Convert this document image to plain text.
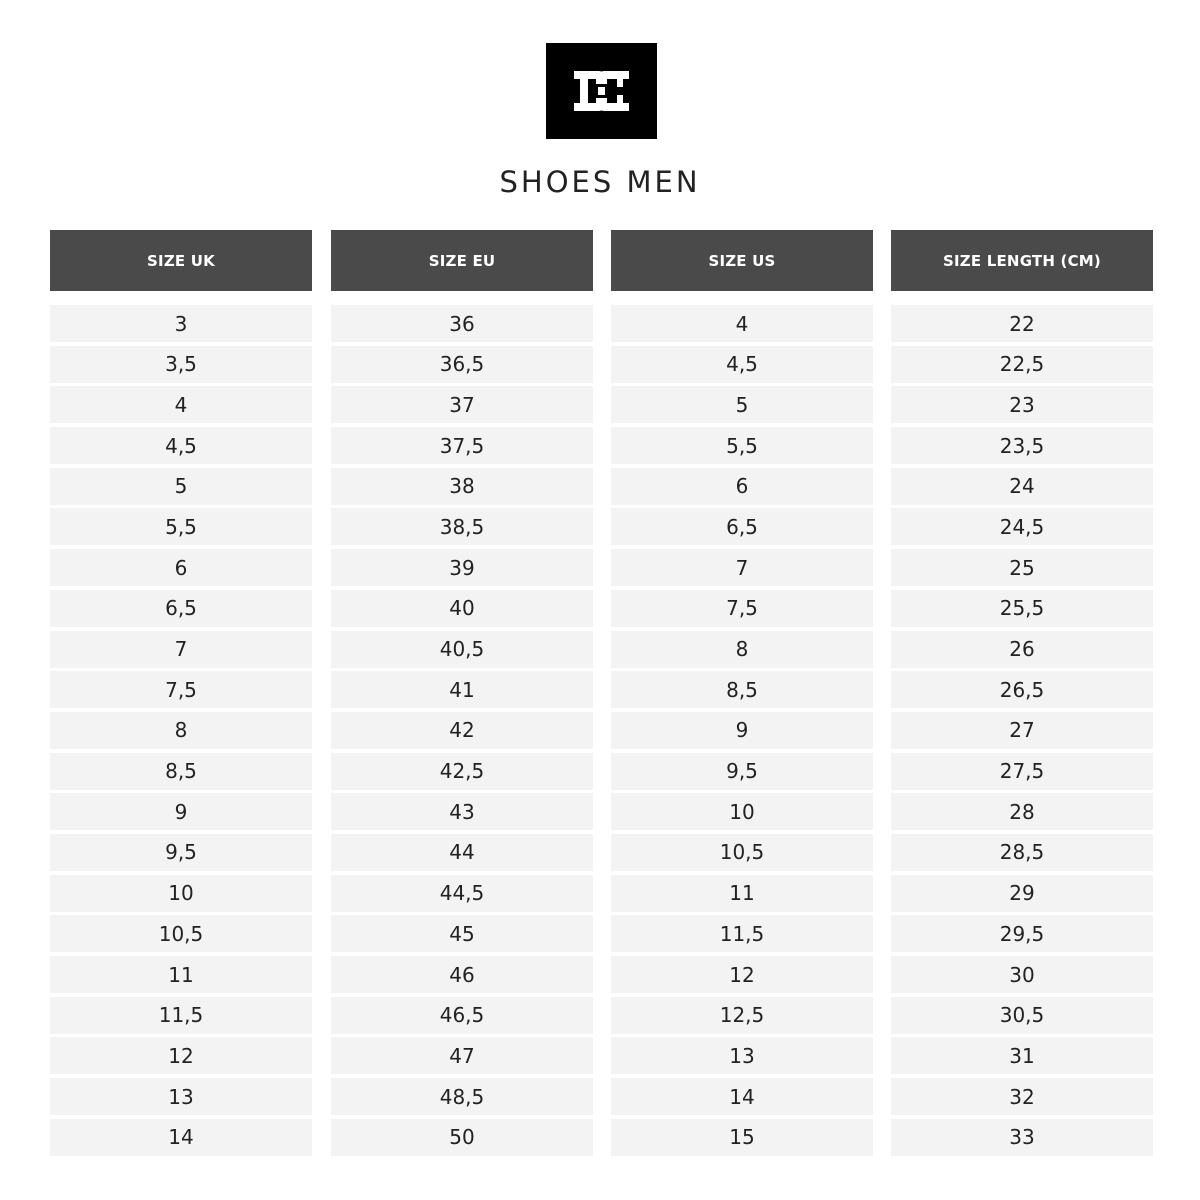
SHOES MEN
SIZE UK
3
3,5
4
4,5
5
5,5
6
6,5
7
7,5
8
8,5
9
9,5
10
10,5
11
11,5
12
13
14
SIZE EU
36
36,5
37
37,5
38
38,5
39
40
40,5
41
42
42,5
43
44
44,5
45
46
46,5
47
48,5
50
SIZE US
4
4,5
5
5,5
6
6,5
7
7,5
8
8,5
9
9,5
10
10,5
11
11,5
12
12,5
13
14
15
SIZE LENGTH (CM)
22
22,5
23
23,5
24
24,5
25
25,5
26
26,5
27
27,5
28
28,5
29
29,5
30
30,5
31
32
33
